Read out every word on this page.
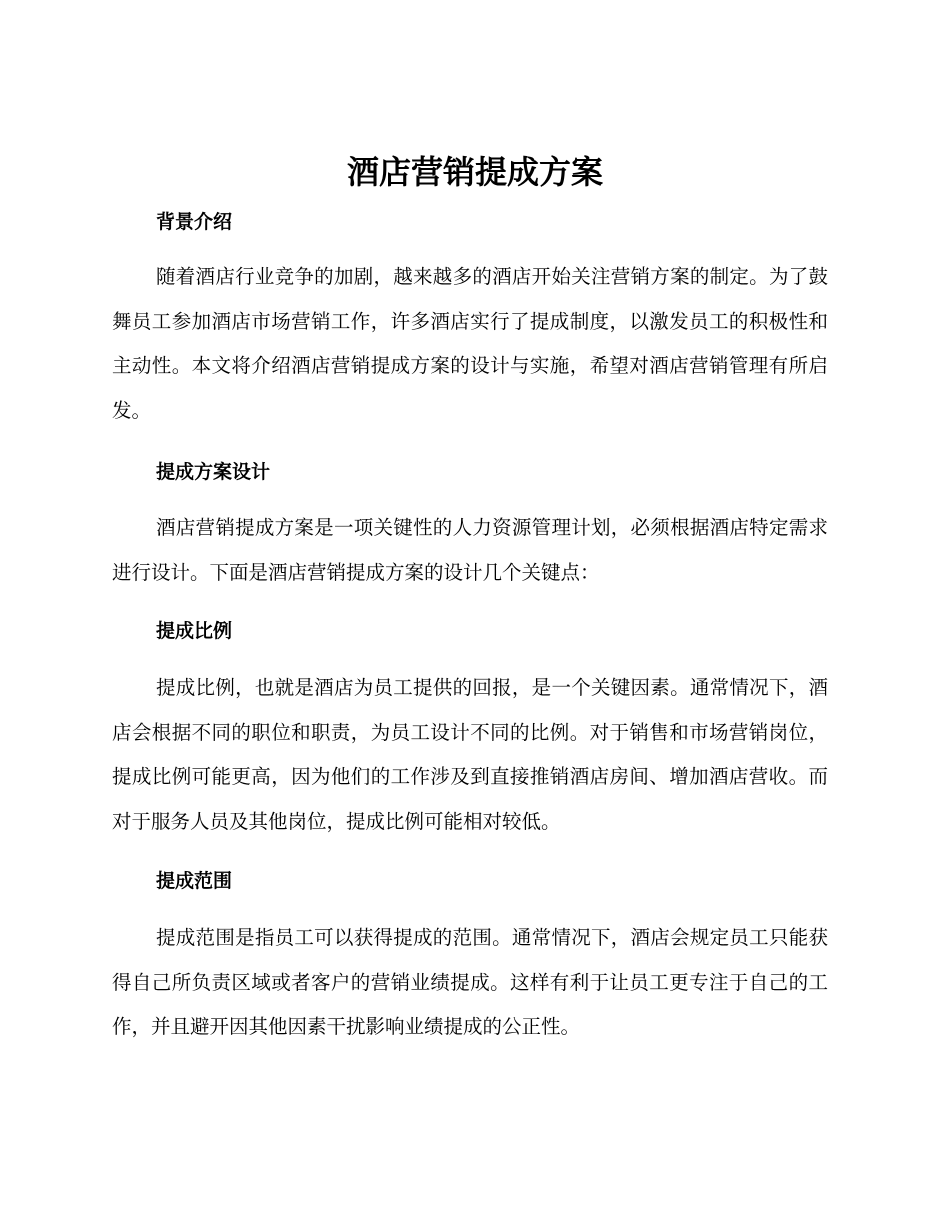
酒店营销提成方案
背景介绍

随着酒店行业竞争的加剧，越来越多的酒店开始关注营销方案的制定。为了鼓舞员工参加酒店市场营销工作，许多酒店实行了提成制度，以激发员工的积极性和主动性。本文将介绍酒店营销提成方案的设计与实施，希望对酒店营销管理有所启发。

提成方案设计

酒店营销提成方案是一项关键性的人力资源管理计划，必须根据酒店特定需求进行设计。下面是酒店营销提成方案的设计几个关键点：

提成比例

提成比例，也就是酒店为员工提供的回报，是一个关键因素。通常情况下，酒店会根据不同的职位和职责，为员工设计不同的比例。对于销售和市场营销岗位，提成比例可能更高，因为他们的工作涉及到直接推销酒店房间、增加酒店营收。而对于服务人员及其他岗位，提成比例可能相对较低。

提成范围

提成范围是指员工可以获得提成的范围。通常情况下，酒店会规定员工只能获得自己所负责区域或者客户的营销业绩提成。这样有利于让员工更专注于自己的工作，并且避开因其他因素干扰影响业绩提成的公正性。
